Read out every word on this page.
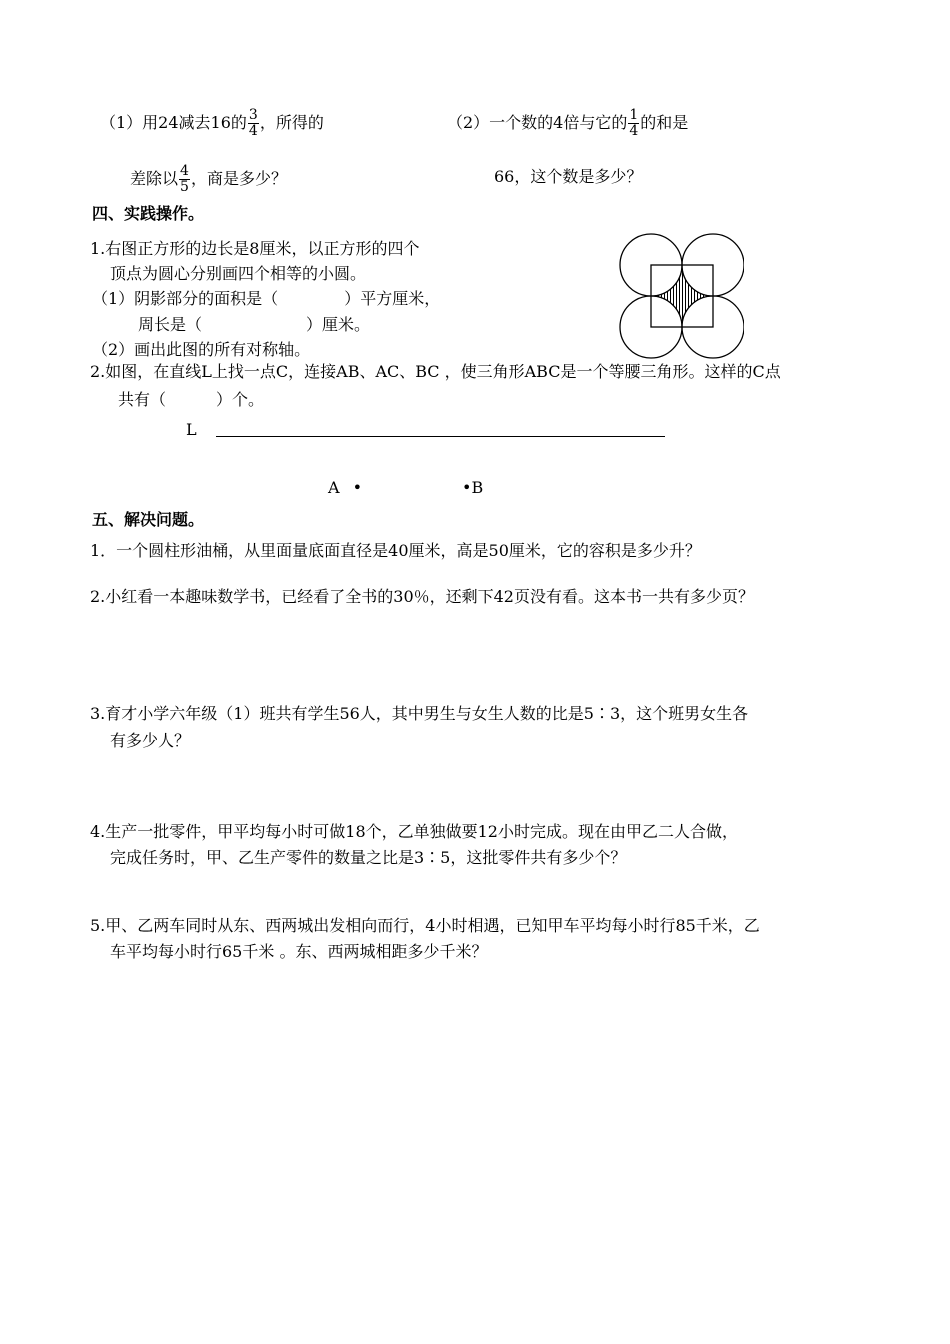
（1）用24减去16的 $\frac{3}{4}$ ，所得的	（2）一个数的4倍与它的 $\frac{1}{4}$ 的和是
差除以 $\frac{4}{5}$ ，商是多少？	66，这个数是多少？
四、实践操作。
1.右图正方形的边长是8厘米，以正方形的四个
顶点为圆心分别画四个相等的小圆。
（1）阴影部分的面积是（	）平方厘米，
周长是（	）厘米。
（2）画出此图的所有对称轴。
2.如图，在直线L上找一点C，连接AB、AC、BC ，使三角形ABC是一个等腰三角形。这样的C点
共有（	）个。
L
A •	•B
五、解决问题。
1．一个圆柱形油桶，从里面量底面直径是40厘米，高是50厘米，它的容积是多少升？
2.小红看一本趣味数学书，已经看了全书的30％，还剩下42页没有看。这本书一共有多少页？
3.育才小学六年级（1）班共有学生56人，其中男生与女生人数的比是5∶3，这个班男女生各
有多少人？
4.生产一批零件，甲平均每小时可做18个，乙单独做要12小时完成。现在由甲乙二人合做，
完成任务时，甲、乙生产零件的数量之比是3∶5，这批零件共有多少个？
5.甲、乙两车同时从东、西两城出发相向而行，4小时相遇，已知甲车平均每小时行85千米，乙
车平均每小时行65千米 。东、西两城相距多少千米？
